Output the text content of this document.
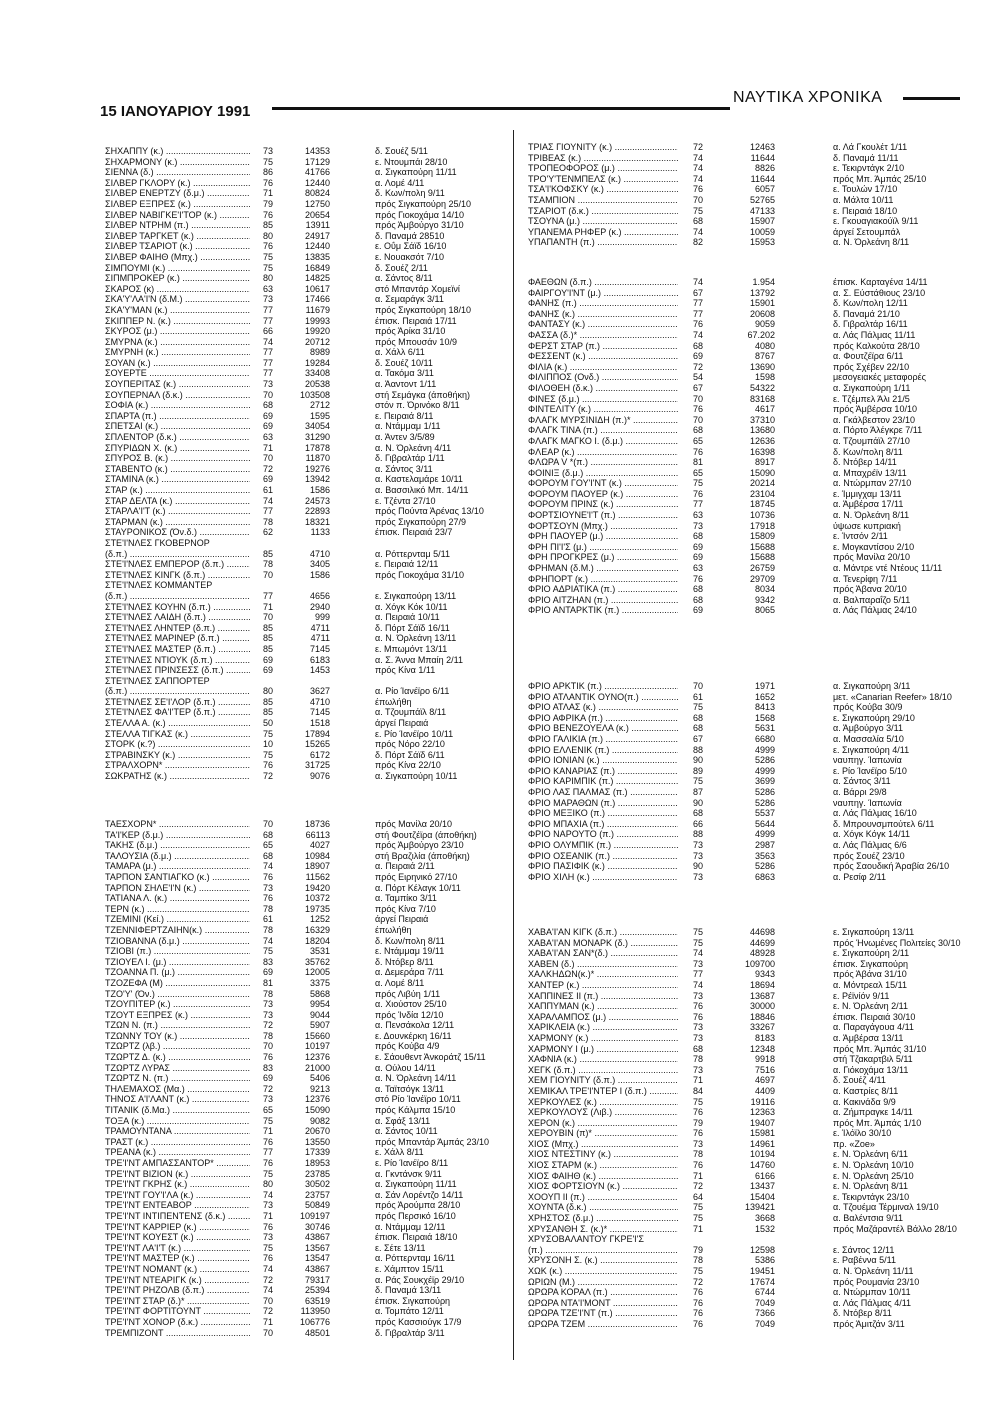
15 ΙΑΝΟΥΑΡΙΟΥ 1991
ΝΑΥΤΙΚΑ ΧΡΟΝΙΚΑ
ΣΗΧΑΠΠΥ (κ.) .....	73	14353	δ. Σουέζ 5/11
ΣΗΧΑΡΜΟΝΥ (κ.) .....	75	17129	ε. Ντουμπάι 28/10
ΣΙΕΝΝΑ (δ.) .....	86	41766	α. Σιγκαπούρη 11/11
ΣΙΛΒΕΡ ΓΚΛΟΡΥ (κ.) .....	76	12440	α. Λομέ 4/11
ΣΙΛΒΕΡ ΕΝΕΡΤΖΥ (δ.μ.) .....	71	80824	δ. Κων/πολη 9/11
ΣΙΛΒΕΡ ΕΞΠΡΕΣ (κ.) .....	79	12750	πρός Σιγκαπούρη 25/10
ΣΙΛΒΕΡ ΝΑΒΙΓΚΕ'Ι'ΤΟΡ (κ.) .....	76	20654	πρός Γιοκοχάμα 14/10
ΣΙΛΒΕΡ ΝΤΡΗΜ (π.) .....	85	13911	πρός Άμβούργο 31/10
ΣΙΛΒΕΡ ΤΑΡΓΚΕΤ (κ.) .....	80	24917	δ. Παναμά 28510
ΣΙΛΒΕΡ ΤΣΑΡΙΟΤ (κ.) .....	76	12440	ε. Οΰμ Σάϊδ 16/10
ΣΙΛΒΕΡ ΦΑΙΗΘ (Μπχ.) .....	75	13835	ε. Νουακσότ 7/10
ΣΙΜΠΟΥΜΙ (κ.) .....	75	16849	δ. Σουέζ 2/11
ΣΙΠΜΠΡΟΚΕΡ (κ.) .....	80	14825	α. Σάντος 8/11
ΣΚΑΡΟΣ (κ) .....	63	10617	στό Μπαντάρ Χομεϊνί
ΣΚΑ'Υ'ΛΑ'Ι'Ν (δ.Μ.) .....	73	17466	α. Σεμαράγκ 3/11
ΣΚΑ'Υ'ΜΑΝ (κ.) .....	77	11679	πρός Σιγκαπούρη 18/10
ΣΚΙΠΠΕΡ Ν. (κ.) .....	77	19993	έπισκ. Πειραιά 17/11
ΣΚΥΡΟΣ (μ.) .....	66	19920	πρός Άρίκα 31/10
ΣΜΥΡΝΑ (κ.) .....	74	20712	πρός Μπουσάν 10/9
ΣΜΥΡΝΗ (κ.) .....	77	8989	α. Χάλλ 6/11
ΣΟΥΑΝ (κ.) .....	77	19284	δ. Σουέζ 10/11
ΣΟΥΕΡΤΕ .....	77	33408	α. Τακόμα 3/11
ΣΟΥΠΕΡΙΤΑΣ (κ.) .....	73	20538	α. Άαντοντ 1/11
ΣΟΥΠΕΡΝΑΛ (δ.κ.) .....	70	103508	στή Σεμάγκα (άποθήκη)
ΣΟΦΙΑ (κ.) .....	68	2712	στόν π. Όρινόκο 8/11
ΣΠΑΡΤΑ (π.) .....	69	1595	ε. Πειραιά 8/11
ΣΠΕΤΣΑΙ (κ.) .....	69	34054	α. Ντάμμαμ 1/11
ΣΠΛΕΝΤΟΡ (δ.κ.) .....	63	31290	α. Άντεν 3/5/89
ΣΠΥΡΙΔΩΝ Χ. (κ.) .....	71	17878	α. Ν. Όρλεάνη 4/11
ΣΠΥΡΟΣ Β. (κ.) .....	70	11870	δ. Γιβραλτάρ 1/11
ΣΤΑΒΕΝΤΟ (κ.) .....	72	19276	α. Σάντος 3/11
ΣΤΑΜΙΝΑ (κ.) .....	69	13942	α. Καστελαμάρε 10/11
ΣΤΑΡ (κ.) .....	61	1586	α. Βασσιλικό Μπ. 14/11
ΣΤΑΡ ΔΕΛΤΑ (κ.) .....	74	24573	ε. Τζέντα 27/10
ΣΤΑΡΛΑ'Ι'Τ (κ.) .....	77	22893	πρός Πούντα Άρένας 13/10
ΣΤΑΡΜΑΝ (κ.) .....	78	18321	πρός Σιγκαπούρη 27/9
ΣΤΑΥΡΟΝΙΚΟΣ (Όν.δ.) .....	62	1133	έπισκ. Πειραιά 23/7
ΣΤΕ'Ι'ΝΛΕΣ ΓΚΟΒΕΡΝΟΡ
(δ.π.) .....	85	4710	α. Ρόττερνταμ 5/11
ΣΤΕ'Ι'ΝΛΕΣ ΕΜΠΕΡΟΡ (δ.π.) .....	78	3405	ε. Πειραιά 12/11
ΣΤΕ'Ι'ΝΛΕΣ ΚΙΝΓΚ (δ.π.) .....	70	1586	πρός Γιοκοχάμα 31/10
ΣΤΕ'Ι'ΝΛΕΣ ΚΟΜΜΑΝΤΕΡ
(δ.π.) .....	77	4656	ε. Σιγκαπούρη 13/11
ΣΤΕ'Ι'ΝΛΕΣ ΚΟΥΗΝ (δ.π.) .....	71	2940	α. Χόγκ Κόκ 10/11
ΣΤΕ'Ι'ΝΛΕΣ ΛΑΙΔΗ (δ.π.) .....	70	999	α. Πειραιά 10/11
ΣΤΕ'Ι'ΝΛΕΣ ΛΗΝΤΕΡ (δ.π.) .....	85	4711	δ. Πόρτ Σάϊδ 16/11
ΣΤΕ'Ι'ΝΛΕΣ ΜΑΡΙΝΕΡ (δ.π.) .....	85	4711	α. Ν. Όρλεάνη 13/11
ΣΤΕ'Ι'ΝΛΕΣ ΜΑΣΤΕΡ (δ.π.) .....	85	7145	ε. Μπωμόντ 13/11
ΣΤΕ'Ι'ΝΛΕΣ ΝΤΙΟΥΚ (δ.π.) .....	69	6183	α. Σ. Άννα Μπαίη 2/11
ΣΤΕ'Ι'ΝΛΕΣ ΠΡΙΝΣΕΣΣ (δ.π.) .....	69	1453	πρός Κίνα 1/11
ΣΤΕ'Ι'ΝΛΕΣ ΣΑΠΠΟΡΤΕΡ
(δ.π.) .....	80	3627	α. Ρίο Ίανέϊρο 6/11
ΣΤΕ'Ι'ΝΛΕΣ ΣΕ'Ι'ΛΟΡ (δ.π.) .....	85	4710	έπωλήθη
ΣΤΕ'Ι'ΝΛΕΣ ΦΑ'Ι'ΤΕΡ (δ.π.) .....	85	7145	α. Τζουμπάϊλ 8/11
ΣΤΕΛΛΑ Α. (κ.) .....	50	1518	άργεί Πειραιά
ΣΤΕΛΛΑ ΤΙΓΚΑΣ (κ.) .....	75	17894	ε. Ρίο Ίανέϊρο 10/11
ΣΤΟΡΚ (κ.?) .....	10	15265	πρός Νόρο 22/10
ΣΤΡΑΒΙΝΣΚΥ (κ.) .....	75	6172	δ. Πόρτ Σάϊδ 6/11
ΣΤΡΑΛΧΟΡΝ* .....	76	31725	πρός Κίνα 22/10
ΣΩΚΡΑΤΗΣ (κ.) .....	72	9076	α. Σιγκαπούρη 10/11
ΤΑΕΣΧΟΡΝ* .....	70	18736	πρός Μανίλα 20/10
ΤΑ'Ι'ΚΕΡ (δ.μ.) .....	68	66113	στή Φουτζέϊρα (άποθήκη)
ΤΑΚΗΣ (δ.μ.) .....	65	4027	πρός Άμβούργο 23/10
ΤΑΛΟΥΣΙΑ (δ.μ.) .....	68	10984	στή Βραζιλία (άποθήκη)
ΤΑΜΑΡΑ (μ.) .....	74	18907	α. Πειραιά 2/11
ΤΑΡΠΟΝ ΣΑΝΤΙΑΓΚΟ (κ.) .....	76	11562	πρός Ειρηνικό 27/10
ΤΑΡΠΟΝ ΣΗΛΕ'Ι'Ν (κ.) .....	73	19420	α. Πόρτ Κέλαγκ 10/11
ΤΑΤΙΑΝΑ Λ. (κ.) .....	76	10372	α. Ταμπίκο 3/11
ΤΕΡΝ (κ.) .....	78	19735	πρός Κίνα 7/10
ΤΖΕΜΙΝΙ (Κεί.) .....	61	1252	άργεί Πειραιά
ΤΖΕΝΝΙΦΕΡΤΖΑΙΗΝ(κ.) .....	78	16329	έπωλήθη
ΤΖΙΟΒΑΝΝΑ (δ.μ.) .....	74	18204	δ. Κων/πολη 8/11
ΤΖΙΟΒΙ (π.) .....	75	3531	ε. Ντάμμαμ 19/11
ΤΖΙΟΥΕΛ Ι. (μ.) .....	83	35762	δ. Ντόβερ 8/11
ΤΖΟΑΝΝΑ Π. (μ.) .....	69	12005	α. Δεμεράρα 7/11
ΤΖΟΖΕΦΑ (Μ) .....	81	3375	α. Λομέ 8/11
ΤΖΟ'Υ' (Όν.) .....	78	5868	πρός Λιβύη 1/11
ΤΖΟΥΠΙΤΕΡ (κ.) .....	73	9954	α. Χιούστον 25/10
ΤΖΟΥΤ ΕΞΠΡΕΣ (κ.) .....	73	9044	πρός Ίνδία 12/10
ΤΖΩΝ Ν. (π.) .....	72	5907	α. Πενσάκολα 12/11
ΤΖΩΝΝΥ ΤΟΥ (κ.) .....	78	15660	ε. Δουνκέρκη 16/11
ΤΖΩΡΤΖ (λβ.) .....	70	10197	πρός Κούβα 4/9
ΤΖΩΡΤΖ Δ. (κ.) .....	76	12376	ε. Σάουθεντ Άνκοράτζ 15/11
ΤΖΩΡΤΖ ΛΥΡΑΣ .....	83	21000	α. Ούλου 14/11
ΤΖΩΡΤΖ Ν. (π.) .....	69	5406	α. Ν. Όρλεάνη 14/11
ΤΗΛΕΜΑΧΟΣ (Μα.) .....	72	9213	α. Ταϊτσόγκ 13/11
ΤΗΝΟΣ Α'Ι'ΛΑΝΤ (κ.) .....	73	12376	στό Ρίο Ίανέϊρο 10/11
ΤΙΤΑΝΙΚ (δ.Μα.) .....	65	15090	πρός Κάλμπα 15/10
ΤΟΞΑ (κ.) .....	75	9082	α. Σφάξ 13/11
ΤΡΑΜΟΥΝΤΑΝΑ .....	71	20670	α. Σάντος 10/11
ΤΡΑΣΤ (κ.) .....	76	13550	πρός Μπαντάρ Άμπάς 23/10
ΤΡΕΑΝΑ (κ.) .....	77	17339	ε. Χάλλ 8/11
ΤΡΕ'Ι'ΝΤ ΑΜΠΑΣΣΑΝΤΟΡ* .....	76	18953	ε. Ρίο Ίανέϊρο 8/11
ΤΡΕ'Ι'ΝΤ ΒΙΖΙΟΝ (κ.) .....	75	23785	α. Γκντάνσκ 9/11
ΤΡΕ'Ι'ΝΤ ΓΚΡΗΣ (κ.) .....	80	30502	α. Σιγκαπούρη 11/11
ΤΡΕ'Ι'ΝΤ ΓΟΥ'Ι'ΛΑ (κ.) .....	74	23757	α. Σάν Λορέντζο 14/11
ΤΡΕ'Ι'ΝΤ ΕΝΤΕΑΒΟΡ .....	73	50849	πρός Άρούμπα 28/10
ΤΡΕ'Ι'ΝΤ ΙΝΤΙΠΕΝΤΕΝΣ (δ.κ.) .....	71	109197	πρός Περσικό 16/10
ΤΡΕ'Ι'ΝΤ ΚΑΡΡΙΕΡ (κ.) .....	76	30746	α. Ντάμμαμ 12/11
ΤΡΕ'Ι'ΝΤ ΚΟΥΕΣΤ (κ.) .....	73	43867	έπισκ. Πειραιά 18/10
ΤΡΕ'Ι'ΝΤ ΛΑ'Ι'Τ (κ.) .....	75	13567	ε. Σέτε 13/11
ΤΡΕ'Ι'ΝΤ ΜΑΣΤΕΡ (κ.) .....	76	13547	α. Ρόττερνταμ 16/11
ΤΡΕ'Ι'ΝΤ ΝΟΜΑΝΤ (κ.) .....	74	43867	ε. Χάμπτον 15/11
ΤΡΕ'Ι'ΝΤ ΝΤΕΑΡΙΓΚ (κ.) .....	72	79317	α. Ράς Σουκχέϊρ 29/10
ΤΡΕ'Ι'ΝΤ ΡΗΖΟΛΒ (δ.π.) .....	74	25394	δ. Παναμά 13/11
ΤΡΕ'Ι'ΝΤ ΣΤΑΡ (δ.)* .....	70	63519	έπισκ. Σιγκαπούρη
ΤΡΕ'Ι'ΝΤ ΦΟΡΤΙΤΟΥΝΤ .....	72	113950	α. Τομπάτο 12/11
ΤΡΕ'Ι'ΝΤ ΧΟΝΟΡ (δ.κ.) .....	71	106776	πρός Κασσιούγκ 17/9
ΤΡΕΜΠΙΖΟΝΤ .....	70	48501	δ. Γιβραλτάρ 3/11
ΤΡΙΑΣ ΓΙΟΥΝΙΤΥ (κ.) .....	72	12463	α. Λά Γκουλέτ 1/11
ΤΡΙΒΕΑΣ (κ.) .....	74	11644	δ. Παναμά 11/11
ΤΡΟΠΕΟΦΟΡΟΣ (μ.) .....	74	8826	ε. Τεκιρντάγκ 2/10
ΤΡΟ'Υ'ΤΕΝΜΠΕΛΣ (κ.) .....	74	11644	πρός Μπ. Άμπάς 25/10
ΤΣΑ'Ι'ΚΟΦΣΚΥ (κ.) .....	76	6057	ε. Τουλών 17/10
ΤΣΑΜΠΙΟΝ .....	70	52765	α. Μάλτα 10/11
ΤΣΑΡΙΟΤ (δ.κ.) .....	75	47133	ε. Πειραιά 18/10
ΤΣΟΥΝΑ (μ.) .....	68	15907	ε. Γκουαγιακούϊλ 9/11
ΥΠΑΝΕΜΑ ΡΗΦΕΡ (κ.) .....	74	10059	άργεί Σετουμπάλ
ΥΠΑΠΑΝΤΗ (π.) .....	82	15953	α. Ν. Όρλεάνη 8/11
ΦΑΕΘΩΝ (δ.π.) .....	74	1.954	έπισκ. Καρταγένα 14/11
ΦΑΙΡΓΟΥ'Ι'ΝΤ (μ.) .....	67	13792	α. Σ. Εύστάθιους 23/10
ΦΑΝΗΣ (π.) .....	77	15901	δ. Κων/πολη 12/11
ΦΑΝΗΣ (κ.) .....	77	20608	δ. Παναμά 21/10
ΦΑΝΤΑΣΥ (κ.) .....	76	9059	δ. Γιβραλτάρ 16/11
ΦΑΣΣΑ (δ.)* .....	74	67.202	α. Λάς Πάλμας 11/11
ΦΕΡΣΤ ΣΤΑΡ (π.) .....	68	4080	πρός Καλκούτα 28/10
ΦΕΣΣΕΝΤ (κ.) .....	69	8767	α. Φουτζέϊρα 6/11
ΦΙΛΙΑ (κ.) .....	72	13690	πρός Σχέβεν 22/10
ΦΙΛΙΠΠΟΣ (Ονδ.) .....	54	1598	μεσογειακές μεταφορές
ΦΙΛΟΘΕΗ (δ.κ.) .....	67	54322	α. Σιγκαπούρη 1/11
ΦΙΝΕΣ (δ.μ.) .....	70	83168	ε. Τζέμπελ Άλι 21/5
ΦΙΝΤΕΛΙΤΥ (κ.) .....	76	4617	πρός Άμβέρσα 10/10
ΦΛΑΓΚ ΜΥΡΣΙΝΙΔΗ (π.)* .....	70	37310	α. Γκάλβεστον 23/10
ΦΛΑΓΚ ΤΙΝΑ (π.) .....	68	13680	α. Πόρτο Άλέγκρε 7/11
ΦΛΑΓΚ ΜΑΓΚΟ Ι. (δ.μ.) .....	65	12636	α. Τζουμπάϊλ 27/10
ΦΛΕΑΡ (κ.) .....	76	16398	δ. Κων/πολη 8/11
ΦΛΩΡΑ V *(π.) .....	81	8917	δ. Ντόβερ 14/11
ΦΟΙΝΙΞ (δ.μ.) .....	65	15090	α. Μπαχρέϊν 13/11
ΦΟΡΟΥΜ ΓΟΥ'Ι'ΝΤ (κ.) .....	75	20214	α. Ντώρμπαν 27/10
ΦΟΡΟΥΜ ΠΑΟΥΕΡ (κ.) .....	76	23104	ε. Ίμμιγχαμ 13/11
ΦΟΡΟΥΜ ΠΡΙΝΣ (κ.) .....	77	18745	α. Άμβέρσα 17/11
ΦΟΡΤΣΙΟΥΝΕ'Ι'Τ (π.) .....	63	10736	α. Ν. Όρλεάνη 8/11
ΦΟΡΤΣΟΥΝ (Μπχ.) .....	73	17918	ύψωσε κυπριακή
ΦΡΗ ΠΑΟΥΕΡ (μ.) .....	68	15809	ε. Ίντσόν 2/11
ΦΡΗ ΠΙ'Ι'Σ (μ.) .....	69	15688	ε. Μογκαντίσου 2/10
ΦΡΗ ΠΡΟΓΚΡΕΣ (μ.) .....	69	15688	πρός Μανίλα 20/10
ΦΡΗΜΑΝ (δ.Μ.) .....	63	26759	α. Μάντρε ντέ Ντέους 11/11
ΦΡΗΠΟΡΤ (κ.) .....	76	29709	α. Τενερίφη 7/11
ΦΡΙΟ ΑΔΡΙΑΤΙΚΑ (π.) .....	68	8034	πρός Άβανα 20/10
ΦΡΙΟ ΑΙΤΖΗΑΝ (π.) .....	68	9342	α. Βαλπαραΐζο 5/11
ΦΡΙΟ ΑΝΤΑΡΚΤΙΚ (π.) .....	69	8065	α. Λάς Πάλμας 24/10
ΦΡΙΟ ΑΡΚΤΙΚ (π.) .....	70	1971	α. Σιγκαπούρη 3/11
ΦΡΙΟ ΑΤΛΑΝΤΙΚ ΟΥΝΟ(π.) .....	61	1652	μετ. «Canarian Reefer» 18/10
ΦΡΙΟ ΑΤΛΑΣ (κ.) .....	75	8413	πρός Κούβα 30/9
ΦΡΙΟ ΑΦΡΙΚΑ (π.) .....	68	1568	ε. Σιγκαπούρη 29/10
ΦΡΙΟ ΒΕΝΕΖΟΥΕΛΑ (κ.) .....	68	5631	α. Άμβούργο 3/11
ΦΡΙΟ ΓΑΛΙΚΙΑ (π.) .....	67	6680	α. Μασσαλία 5/10
ΦΡΙΟ ΕΛΛΕΝΙΚ (π.) .....	88	4999	ε. Σιγκαπούρη 4/11
ΦΡΙΟ ΙΟΝΙΑΝ (κ.) .....	90	5286	ναυπηγ. Ίαπωνία
ΦΡΙΟ ΚΑΝΑΡΙΑΣ (π.) .....	89	4999	ε. Ρίο Ίανέϊρο 5/10
ΦΡΙΟ ΚΑΡΙΜΠΙΚ (π.) .....	75	3699	α. Σάντος 3/11
ΦΡΙΟ ΛΑΣ ΠΑΛΜΑΣ (π.) .....	87	5286	α. Βάρρι 29/8
ΦΡΙΟ ΜΑΡΑΘΩΝ (π.) .....	90	5286	ναυπηγ. Ίαπωνία
ΦΡΙΟ ΜΕΞΙΚΟ (π.) .....	68	5537	α. Λάς Πάλμας 16/10
ΦΡΙΟ ΜΠΑΧΙΑ (π.) .....	66	5644	δ. Μπρουνσμπούτελ 6/11
ΦΡΙΟ ΝΑΡΟΥΤΟ (π.) .....	88	4999	α. Χόγκ Κόγκ 14/11
ΦΡΙΟ ΟΛΥΜΠΙΚ (π.) .....	73	2987	α. Λάς Πάλμας 6/6
ΦΡΙΟ ΟΣΕΑΝΙΚ (π.) .....	73	3563	πρός Σουέζ 23/10
ΦΡΙΟ ΠΑΣΙΦΙΚ (κ.) .....	90	5286	πρός Σαουδική Άραβία 26/10
ΦΡΙΟ ΧΙΛΗ (κ.) .....	73	6863	α. Ρεσίφ 2/11
ΧΑΒΑ'Ι'ΑΝ ΚΙΓΚ (δ.π.) .....	75	44698	ε. Σιγκαπούρη 13/11
ΧΑΒΑ'Ι'ΑΝ ΜΟΝΑΡΚ (δ.) .....	75	44699	πρός Ήνωμένες Πολιτείες 30/10
ΧΑΒΑ'Ι'ΑΝ ΣΑΝ*(δ.) .....	74	48928	ε. Σιγκαπούρη 2/11
ΧΑΒΕΝ (δ.) .....	73	109700	έπισκ. Σιγκαπούρη
ΧΑΛΚΗΔΩΝ(κ.)* .....	77	9343	πρός Άβάνα 31/10
ΧΑΝΤΕΡ (κ.) .....	74	18694	α. Μόντρεαλ 15/11
ΧΑΠΠΙΝΕΣ ΙΙ (π.) .....	73	13687	ε. Ρέϊνίόν 9/11
ΧΑΠΠΥΜΑΝ (κ.) .....	76	30000	ε. Ν. Όρλεάνη 2/11
ΧΑΡΑΛΑΜΠΟΣ (μ.) .....	76	18846	έπισκ. Πειραιά 30/10
ΧΑΡΙΚΛΕΙΑ (κ.) .....	73	33267	α. Παραγάγουα 4/11
ΧΑΡΜΟΝΥ (κ.) .....	73	8183	α. Άμβέρσα 13/11
ΧΑΡΜΟΝΥ Ι (μ.) .....	68	12348	πρός Μπ. Άμπάς 31/10
ΧΑΦΝΙΑ (κ.) .....	78	9918	στή Τζακαρτ​βιλ 5/11
ΧΕΓΚ (δ.π.) .....	73	7516	α. Γιόκοχάμα 13/11
ΧΕΜ ΓΙΟΥΝΙΤΥ (δ.π.) .....	71	4697	δ. Σουέζ 4/11
ΧΕΜΙΚΑΛ ΤΡΕ'Ι'ΝΤΕΡ Ι (δ.π.) .....	84	4409	α. Καστρίες 8/11
ΧΕΡΚΟΥΛΕΣ (κ.) .....	75	19116	α. Κακινάδα 9/9
ΧΕΡΚΟΥΛΟΥΣ (Λιβ.) .....	76	12363	α. Ζήμπραγκε 14/11
ΧΕΡΟΝ (κ.) .....	79	19407	πρός Μπ. Άμπάς 1/10
ΧΕΡΟΥΒΙΝ (π)* .....	76	15981	ε. Ίλόϊλο 30/10
ΧΙΟΣ (Μπχ.) .....	73	14961	πρ. «Zoe»
ΧΙΟΣ ΝΤΕΣΤΙΝΥ (κ.) .....	78	10194	ε. Ν. Όρλεάνη 6/11
ΧΙΟΣ ΣΤΑΡΜ (κ.) .....	76	14760	ε. Ν. Όρλεάνη 10/10
ΧΙΟΣ ΦΑΙΗΘ (κ.) .....	71	6166	ε. Ν. Όρλεάνη 25/10
ΧΙΟΣ ΦΟΡΤΣΙΟΥΝ (κ.) .....	72	13437	ε. Ν. Όρλεάνη 8/11
ΧΟΟΥΠ ΙΙ (π.) .....	64	15404	ε. Τεκιρντάγκ 23/10
ΧΟΥΝΤΑ (δ.κ.) .....	75	139421	α. Τζουέμα Τέρμιναλ 19/10
ΧΡΗΣΤΟΣ (δ.μ.) .....	75	3668	α. Βαλέντσια 9/11
ΧΡΥΣΑΝΘΗ Σ. (κ.)* .....	71	1532	πρός Μαζάραντέλ Βάλλο 28/10
ΧΡΥΣΟΒΑΛΑΝΤΟΥ ΓΚΡΕ'Ι'Σ
(π.) .....	79	12598	ε. Σάντος 12/11
ΧΡΥΣΟΝΗ Σ. (κ.) .....	78	5386	ε. Ραβέννα 5/11
ΧΩΚ (κ.) .....	75	19451	α. Ν. Όρλεάνη 11/11
ΩΡΙΩΝ (Μ.) .....	72	17674	πρός Ρουμανία 23/10
ΩΡΩΡΑ ΚΟΡΑΛ (π.) .....	76	6744	α. Ντώρμπαν 10/11
ΩΡΩΡΑ ΝΤΑ'Ι'ΜΟΝΤ .....	76	7049	α. Λάς Πάλμας 4/11
ΩΡΩΡΑ ΤΖΕ'Ι'ΝΤ (π.) .....	76	7366	δ. Ντόβερ 8/11
ΩΡΩΡΑ ΤΖΕΜ .....	76	7049	πρός Άμιτζάν 3/11
